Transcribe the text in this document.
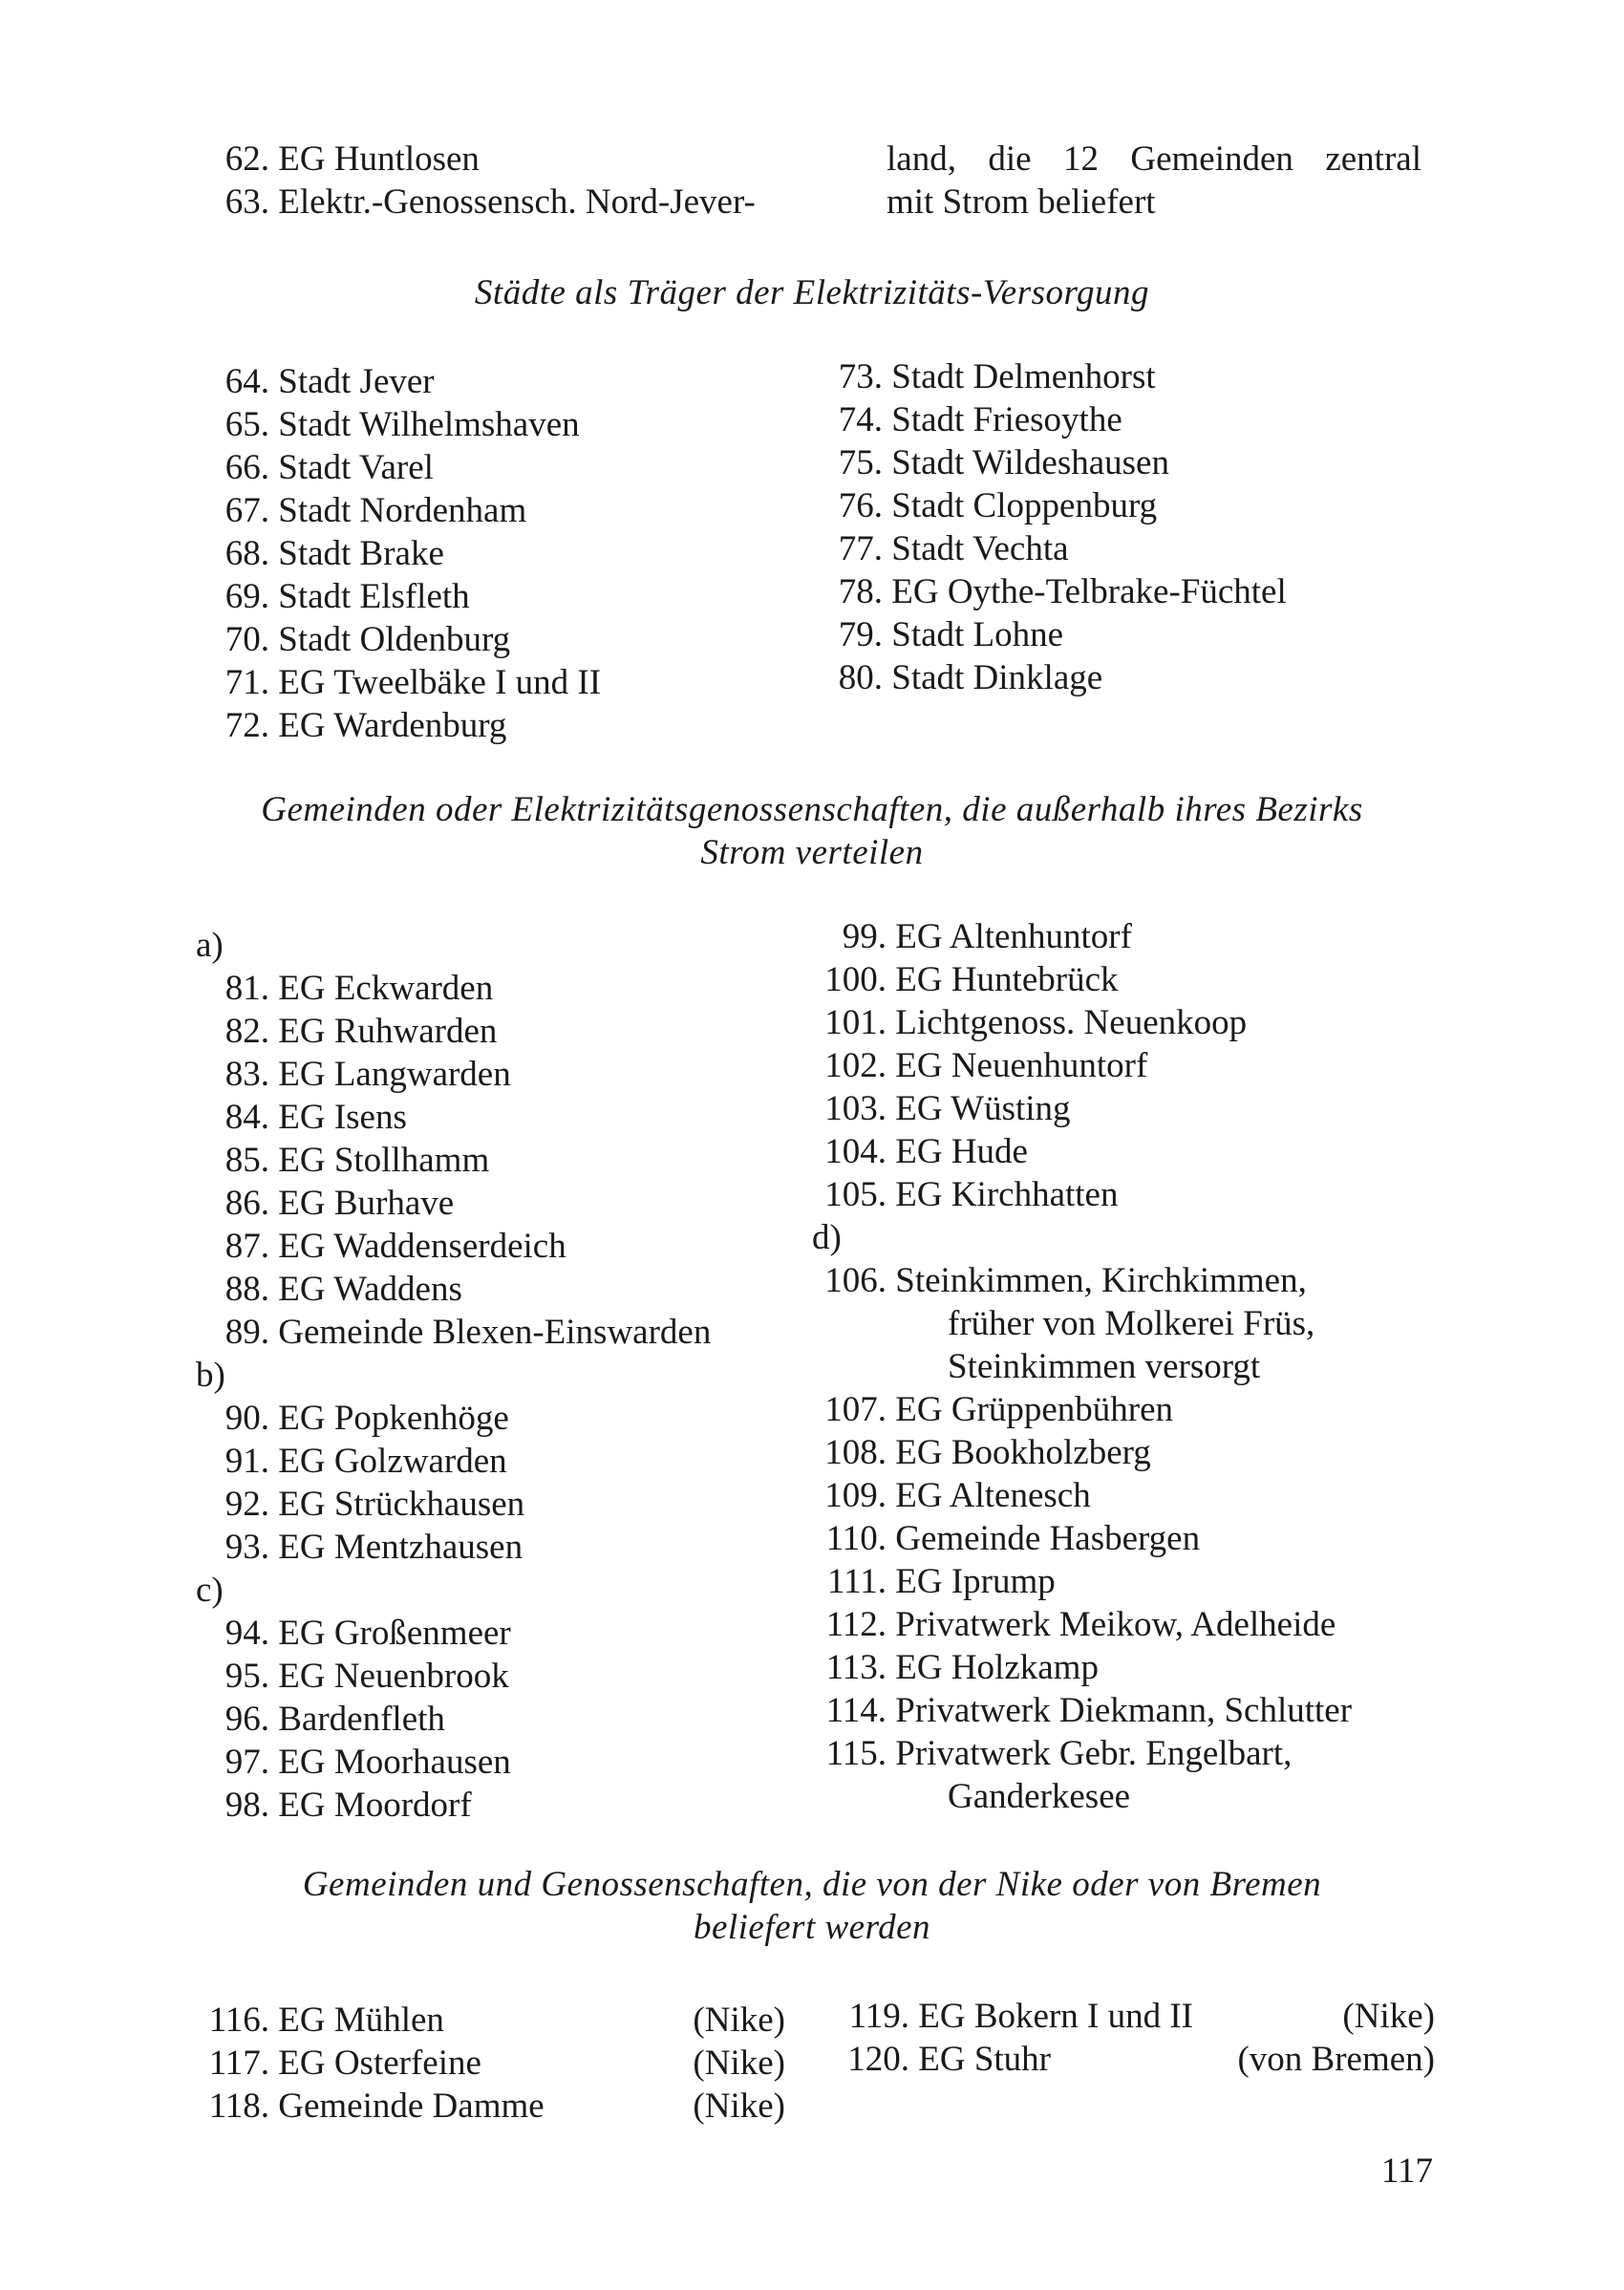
62. EG Huntlosen
63. Elektr.-Genossensch. Nord-Jever-
land, die 12 Gemeinden zentral
mit Strom beliefert
Städte als Träger der Elektrizitäts-Versorgung
64. Stadt Jever
65. Stadt Wilhelmshaven
66. Stadt Varel
67. Stadt Nordenham
68. Stadt Brake
69. Stadt Elsfleth
70. Stadt Oldenburg
71. EG Tweelbäke I und II
72. EG Wardenburg
73. Stadt Delmenhorst
74. Stadt Friesoythe
75. Stadt Wildeshausen
76. Stadt Cloppenburg
77. Stadt Vechta
78. EG Oythe-Telbrake-Füchtel
79. Stadt Lohne
80. Stadt Dinklage
Gemeinden oder Elektrizitätsgenossenschaften, die außerhalb ihres Bezirks
Strom verteilen
a)
81. EG Eckwarden
82. EG Ruhwarden
83. EG Langwarden
84. EG Isens
85. EG Stollhamm
86. EG Burhave
87. EG Waddenserdeich
88. EG Waddens
89. Gemeinde Blexen-Einswarden
b)
90. EG Popkenhöge
91. EG Golzwarden
92. EG Strückhausen
93. EG Mentzhausen
c)
94. EG Großenmeer
95. EG Neuenbrook
96. Bardenfleth
97. EG Moorhausen
98. EG Moordorf
99. EG Altenhuntorf
100. EG Huntebrück
101. Lichtgenoss. Neuenkoop
102. EG Neuenhuntorf
103. EG Wüsting
104. EG Hude
105. EG Kirchhatten
d)
106. Steinkimmen, Kirchkimmen,
früher von Molkerei Früs,
Steinkimmen versorgt
107. EG Grüppenbühren
108. EG Bookholzberg
109. EG Altenesch
110. Gemeinde Hasbergen
111. EG Iprump
112. Privatwerk Meikow, Adelheide
113. EG Holzkamp
114. Privatwerk Diekmann, Schlutter
115. Privatwerk Gebr. Engelbart,
Ganderkesee
Gemeinden und Genossenschaften, die von der Nike oder von Bremen
beliefert werden
116. EG Mühlen	(Nike)
117. EG Osterfeine	(Nike)
118. Gemeinde Damme	(Nike)
119. EG Bokern I und II	(Nike)
120. EG Stuhr	(von Bremen)
117
